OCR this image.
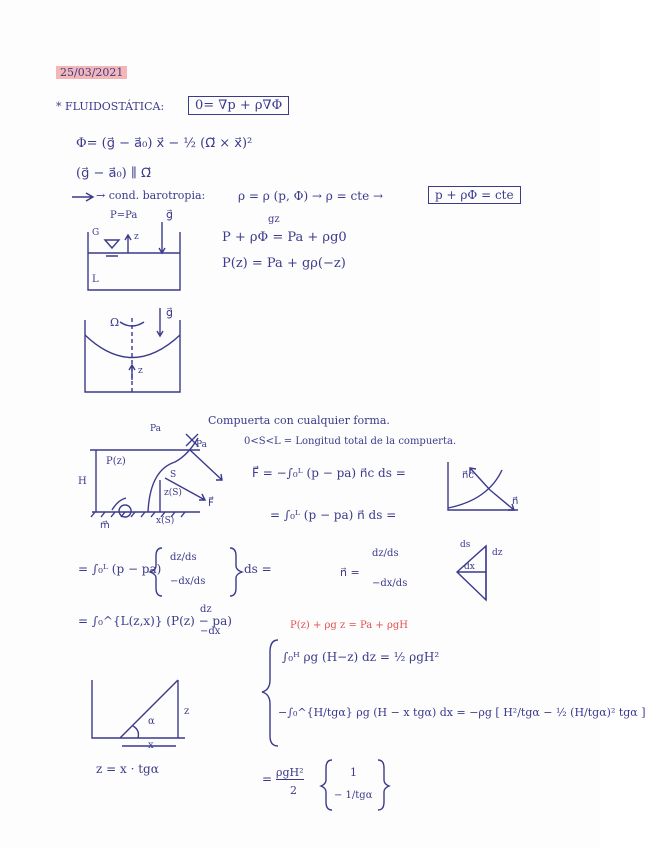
25/03/2021
* FLUIDOSTÁTICA:	0= ∇p + ρ∇Φ
Φ= (g⃗ − a⃗₀) x⃗ − ½ (Ω⃗ × x⃗)²
(g⃗ − a⃗₀) ∥ Ω⃗
→ cond. barotropia:	ρ = ρ (p, Φ) → ρ = cte →	p + ρΦ = cte
P=Pa	g⃗
G	z
L
gz
P + ρΦ = Pa + ρg0
P(z) = Pa + gρ(−z)
Ω
g⃗
z
Compuerta con cualquier forma.
0<S<L = Longitud total de la compuerta.
Pa
Pa
P(z)
H
S
z(S)
x(S)
F⃗
m⃗
F⃗ = −∫₀ᴸ (p − pa) n⃗c ds =
= ∫₀ᴸ (p − pa) n⃗ ds =
n⃗c
n⃗
= ∫₀ᴸ (p − pa)
dz/ds
−dx/ds
ds =	n⃗ =
dz/ds
−dx/ds
ds
dz
dx
= ∫₀^{L(z,x)} (P(z) − pa)
dz
−dx
P(z) + ρg z = Pa + ρgH
∫₀ᴴ ρg (H−z) dz = ½ ρgH²
−∫₀^{H/tgα} ρg (H − x tgα) dx = −ρg [ H²/tgα − ½ (H/tgα)² tgα ]
α
z
x
z = x · tgα
= ρgH²
2
1
− 1/tgα
